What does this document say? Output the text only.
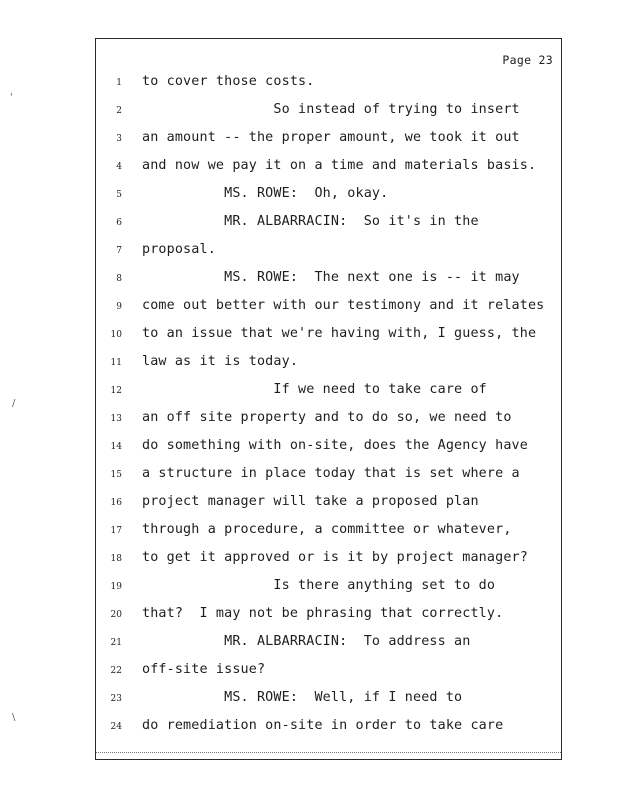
'
/
\
Page 23
1 to cover those costs.
2 So instead of trying to insert
3 an amount -- the proper amount, we took it out
4 and now we pay it on a time and materials basis.
5 MS. ROWE:  Oh, okay.
6 MR. ALBARRACIN:  So it's in the
7 proposal.
8 MS. ROWE:  The next one is -- it may
9 come out better with our testimony and it relates
10 to an issue that we're having with, I guess, the
11 law as it is today.
12 If we need to take care of
13 an off site property and to do so, we need to
14 do something with on-site, does the Agency have
15 a structure in place today that is set where a
16 project manager will take a proposed plan
17 through a procedure, a committee or whatever,
18 to get it approved or is it by project manager?
19 Is there anything set to do
20 that?  I may not be phrasing that correctly.
21 MR. ALBARRACIN:  To address an
22 off-site issue?
23 MS. ROWE:  Well, if I need to
24 do remediation on-site in order to take care
